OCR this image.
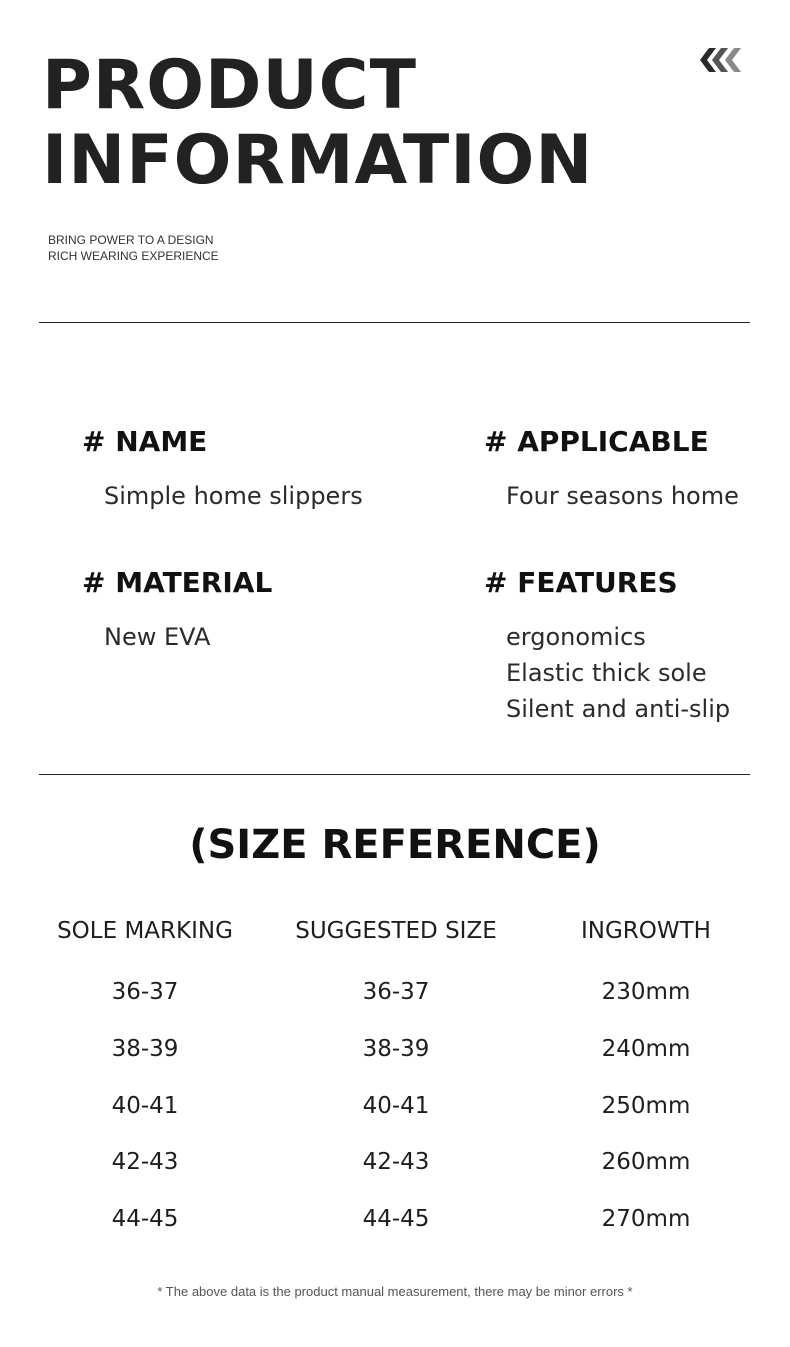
PRODUCT
INFORMATION
BRING POWER TO A DESIGN
RICH WEARING EXPERIENCE
# NAME
Simple home slippers
# APPLICABLE
Four seasons home
# MATERIAL
New EVA
# FEATURES
ergonomics
Elastic thick sole
Silent and anti-slip
(SIZE REFERENCE)
SOLE MARKING	SUGGESTED SIZE	INGROWTH
36-37	36-37	230mm
38-39	38-39	240mm
40-41	40-41	250mm
42-43	42-43	260mm
44-45	44-45	270mm
* The above data is the product manual measurement, there may be minor errors *
